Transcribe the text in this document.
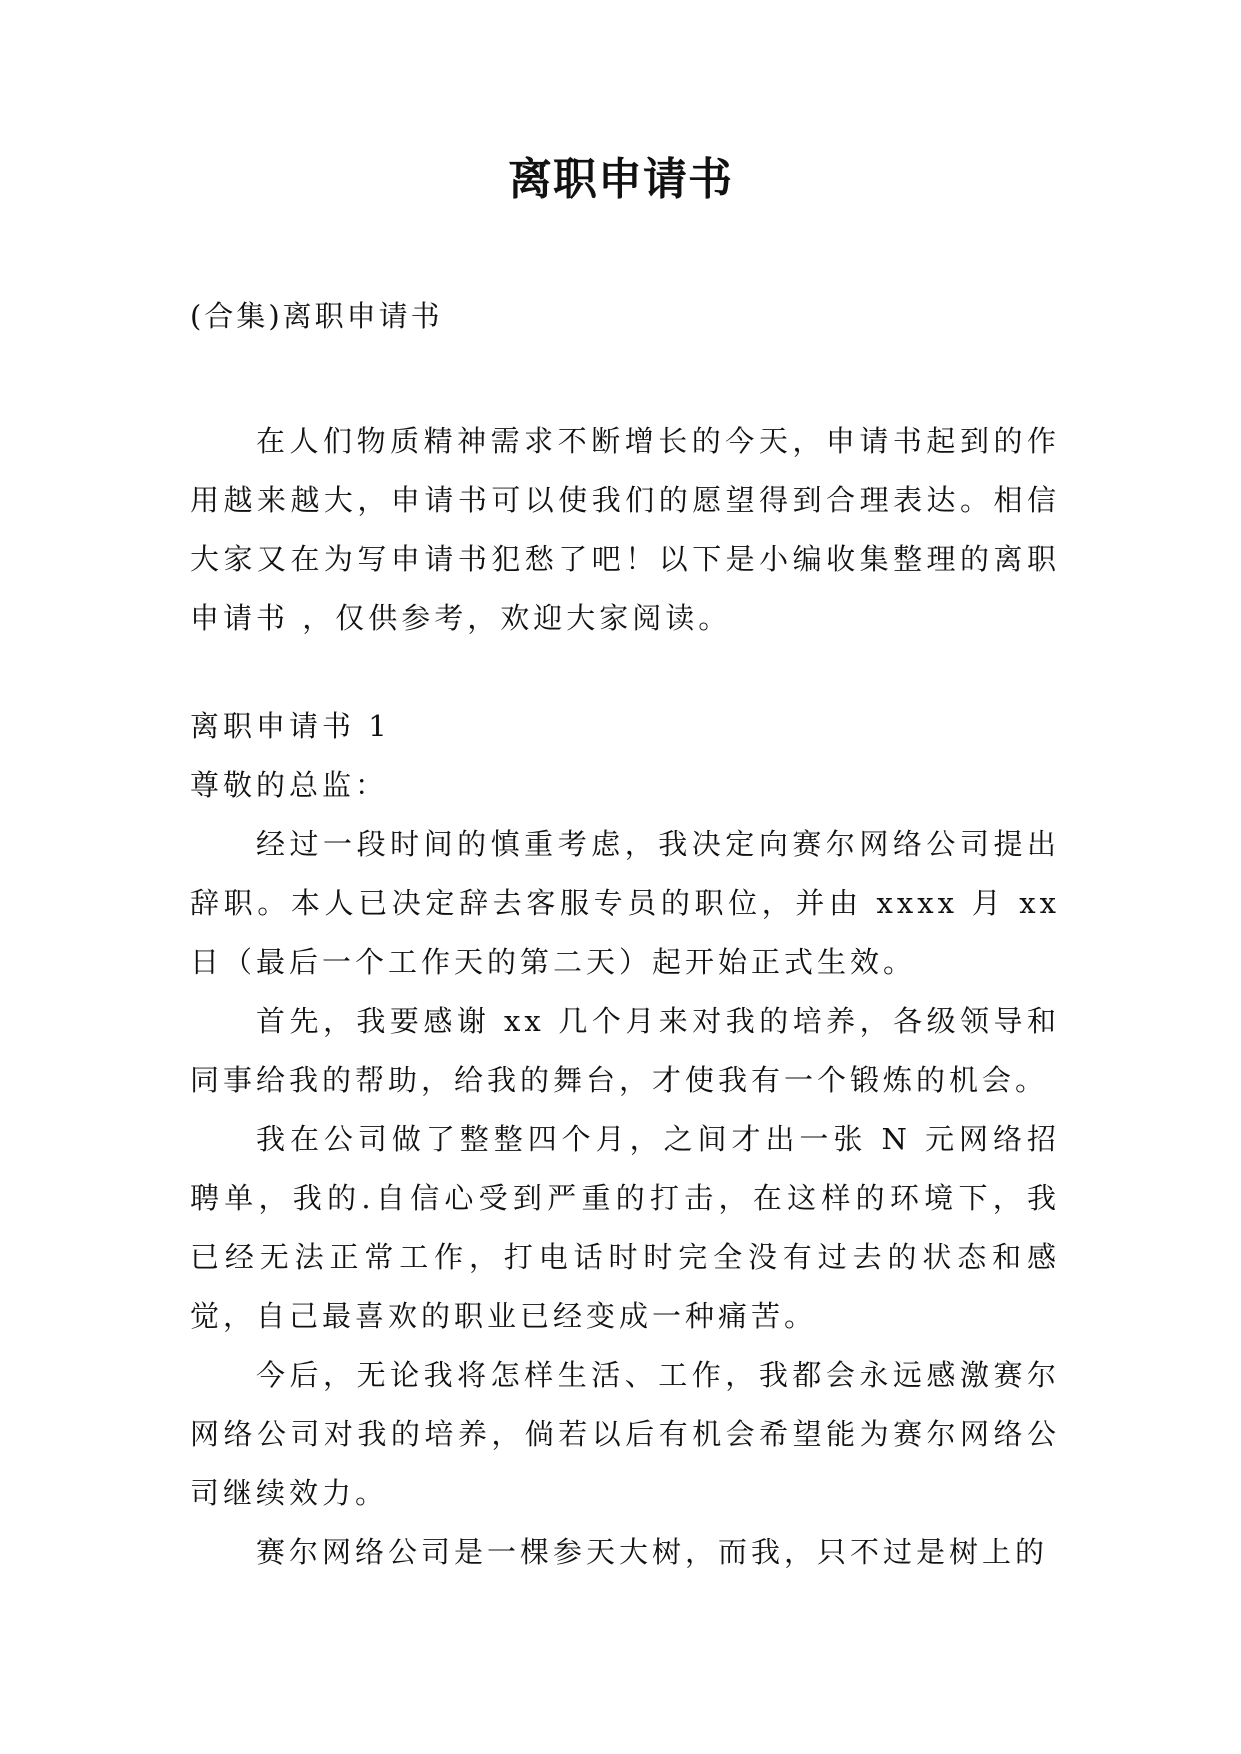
离职申请书
(合集)离职申请书
在人们物质精神需求不断增长的今天，申请书起到的作用越来越大，申请书可以使我们的愿望得到合理表达。相信大家又在为写申请书犯愁了吧！以下是小编收集整理的离职申请书 ，仅供参考，欢迎大家阅读。

离职申请书 1

尊敬的总监：

经过一段时间的慎重考虑，我决定向赛尔网络公司提出辞职。本人已决定辞去客服专员的职位，并由 xxxx 月 xx 日（最后一个工作天的第二天）起开始正式生效。

首先，我要感谢 xx 几个月来对我的培养，各级领导和同事给我的帮助，给我的舞台，才使我有一个锻炼的机会。

我在公司做了整整四个月，之间才出一张 N 元网络招聘单，我的.自信心受到严重的打击，在这样的环境下，我已经无法正常工作，打电话时时完全没有过去的状态和感觉，自己最喜欢的职业已经变成一种痛苦。

今后，无论我将怎样生活、工作，我都会永远感激赛尔网络公司对我的培养，倘若以后有机会希望能为赛尔网络公司继续效力。

赛尔网络公司是一棵参天大树，而我，只不过是树上的
